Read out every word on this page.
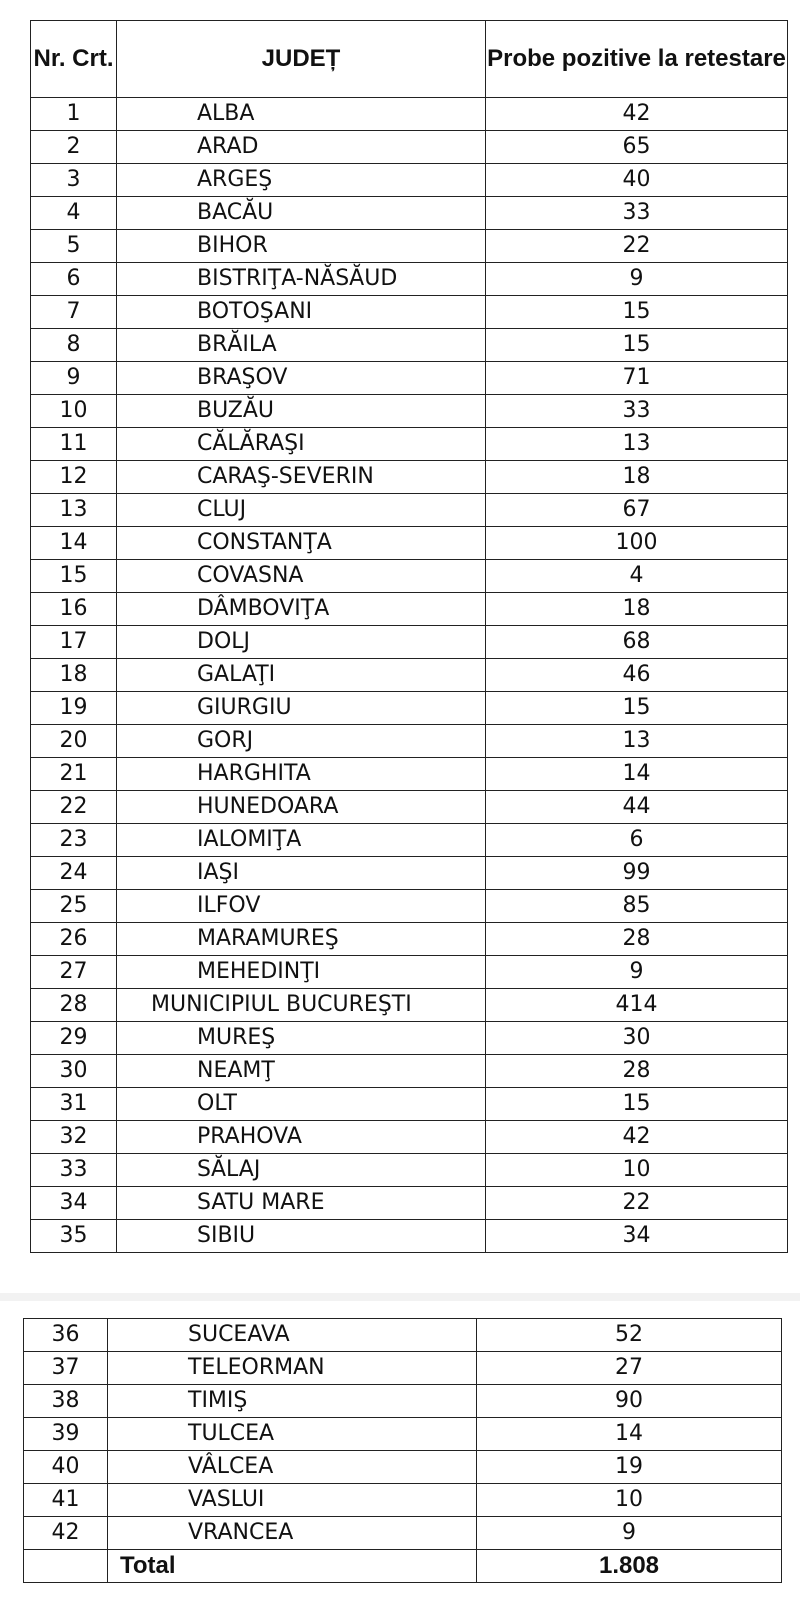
Nr. Crt.	JUDEȚ	Probe pozitive la retestare
1	ALBA	42
2	ARAD	65
3	ARGEŞ	40
4	BACĂU	33
5	BIHOR	22
6	BISTRIŢA-NĂSĂUD	9
7	BOTOŞANI	15
8	BRĂILA	15
9	BRAŞOV	71
10	BUZĂU	33
11	CĂLĂRAŞI	13
12	CARAŞ-SEVERIN	18
13	CLUJ	67
14	CONSTANŢA	100
15	COVASNA	4
16	DÂMBOVIŢA	18
17	DOLJ	68
18	GALAŢI	46
19	GIURGIU	15
20	GORJ	13
21	HARGHITA	14
22	HUNEDOARA	44
23	IALOMIŢA	6
24	IAŞI	99
25	ILFOV	85
26	MARAMUREŞ	28
27	MEHEDINŢI	9
28	MUNICIPIUL BUCUREŞTI	414
29	MUREŞ	30
30	NEAMŢ	28
31	OLT	15
32	PRAHOVA	42
33	SĂLAJ	10
34	SATU MARE	22
35	SIBIU	34
36	SUCEAVA	52
37	TELEORMAN	27
38	TIMIŞ	90
39	TULCEA	14
40	VÂLCEA	19
41	VASLUI	10
42	VRANCEA	9
	Total	1.808
